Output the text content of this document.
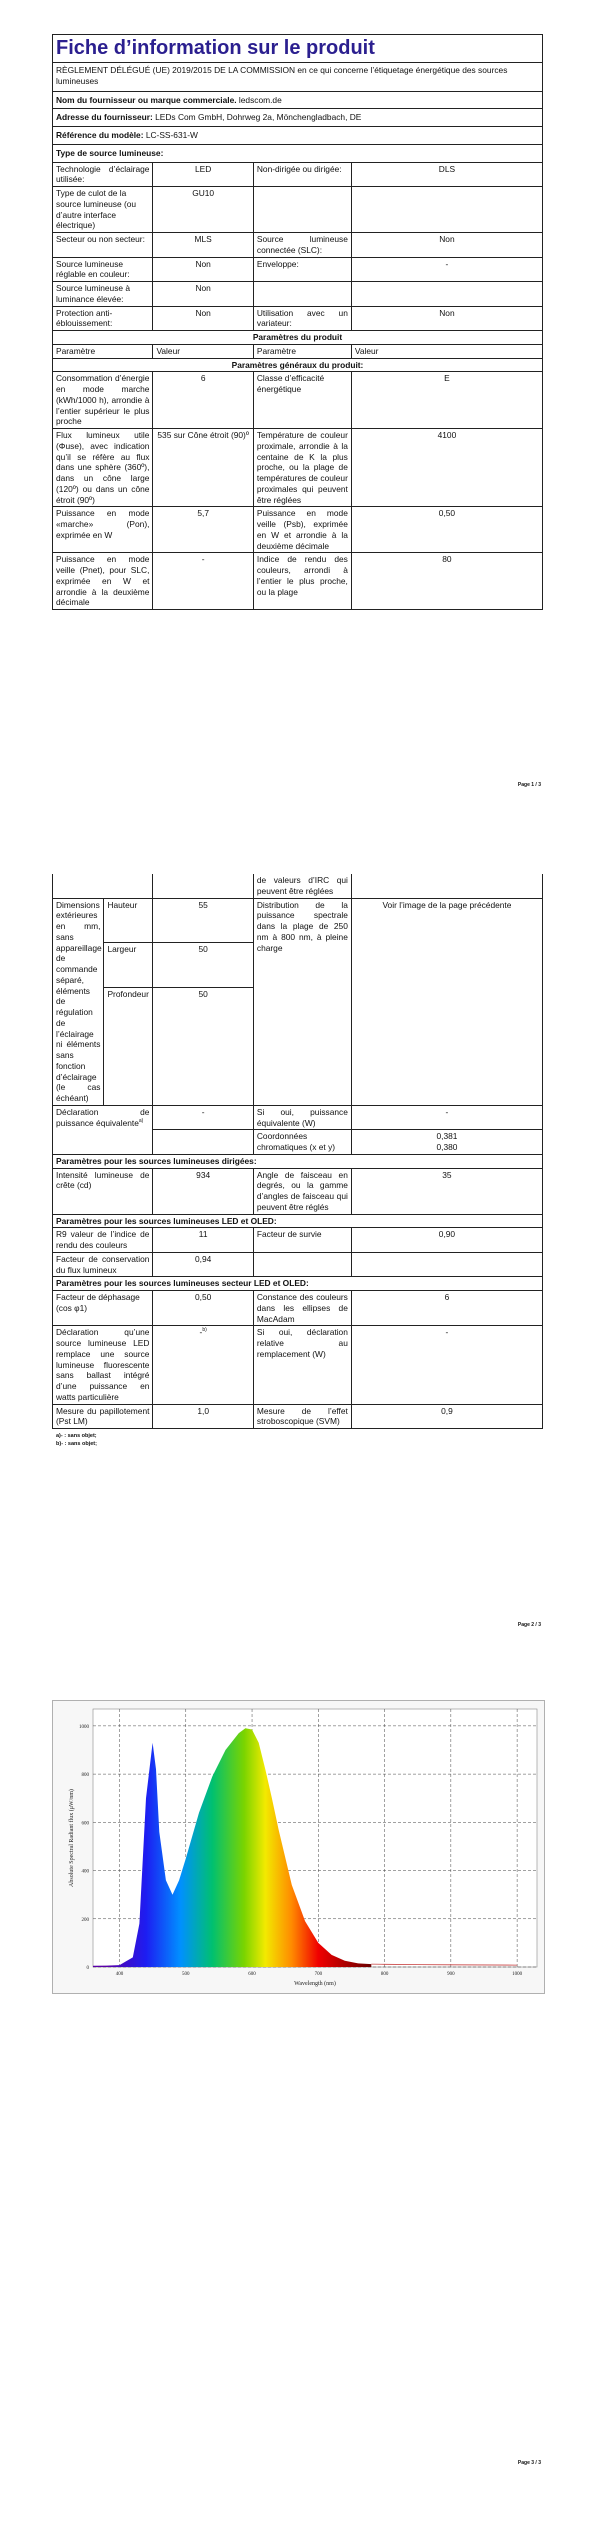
Fiche d’information sur le produit			
RÈGLEMENT DÉLÉGUÉ (UE) 2019/2015 DE LA COMMISSION en ce qui concerne l’étiquetage énergétique des sources lumineuses			
Nom du fournisseur ou marque commerciale. ledscom.de			
Adresse du fournisseur: LEDs Com GmbH, Dohrweg 2a, Mönchengladbach, DE			
Référence du modèle: LC-SS-631-W			
Type de source lumineuse:			
Technologie d’éclairage utilisée:	LED	Non-dirigée ou dirigée:	DLS
Type de culot de la source lumineuse (ou d’autre interface électrique)	GU10		
Secteur ou non secteur:	MLS	Source lumineuse connectée (SLC):	Non
Source lumineuse réglable en couleur:	Non	Enveloppe:	-
Source lumineuse à luminance élevée:	Non		
Protection anti-éblouissement:	Non	Utilisation avec un variateur:	Non
Paramètres du produit			
Paramètre	Valeur	Paramètre	Valeur
Paramètres généraux du produit:			
Consommation d’énergie en mode marche (kWh/1000 h), arrondie à l’entier supérieur le plus proche	6	Classe d’efficacité énergétique	E
Flux lumineux utile (Φuse), avec indication qu’il se réfère au flux dans une sphère (360º), dans un cône large (120º) ou dans un cône étroit (90º)	535 sur Cône étroit (90)º	Température de couleur proximale, arrondie à la centaine de K la plus proche, ou la plage de températures de couleur proximales qui peuvent être réglées	4100
Puissance en mode «marche» (Pon), exprimée en W	5,7	Puissance en mode veille (Psb), exprimée en W et arrondie à la deuxième décimale	0,50
Puissance en mode veille (Pnet), pour SLC, exprimée en W et arrondie à la deuxième décimale	-	Indice de rendu des couleurs, arrondi à l’entier le plus proche, ou la plage	80
Page 1 / 3
			de valeurs d’IRC qui peuvent être réglées	
Dimensions extérieures en mm, sans appareillage de commande séparé, éléments de régulation de l’éclairage ni éléments sans fonction d’éclairage (le cas échéant)	Hauteur	55	Distribution de la puissance spectrale dans la plage de 250 nm à 800 nm, à pleine charge	Voir l’image de la page précédente
	Largeur	50		
	Profondeur	50		
Déclaration de puissance équivalente$^{a)}$		-	Si oui, puissance équivalente (W)	-
			Coordonnées chromatiques (x et y)	0,381
0,380

Paramètres pour les sources lumineuses dirigées:				
Intensité lumineuse de crête (cd)		934	Angle de faisceau en degrés, ou la gamme d’angles de faisceau qui peuvent être réglés	35
Paramètres pour les sources lumineuses LED et OLED:				
R9 valeur de l’indice de rendu des couleurs		11	Facteur de survie	0,90
Facteur de conservation du flux lumineux		0,94		
Paramètres pour les sources lumineuses secteur LED et OLED:				
Facteur de déphasage (cos φ1)		0,50	Constance des couleurs dans les ellipses de MacAdam	6
Déclaration qu’une source lumineuse LED remplace une source lumineuse fluorescente sans ballast intégré d’une puissance en watts particulière		-$^{b)}$	Si oui, déclaration relative au remplacement (W)	-
Mesure du papillotement (Pst LM)		1,0	Mesure de l’effet stroboscopique (SVM)	0,9
a)- : sans objet;
b)- : sans objet;
Page 2 / 3
400	500	600	700	800	900	1000
0
200
400
600
800
1000
Wavelength (nm)
Absolute Spectral Radiant flux (μW/nm)
Page 3 / 3
